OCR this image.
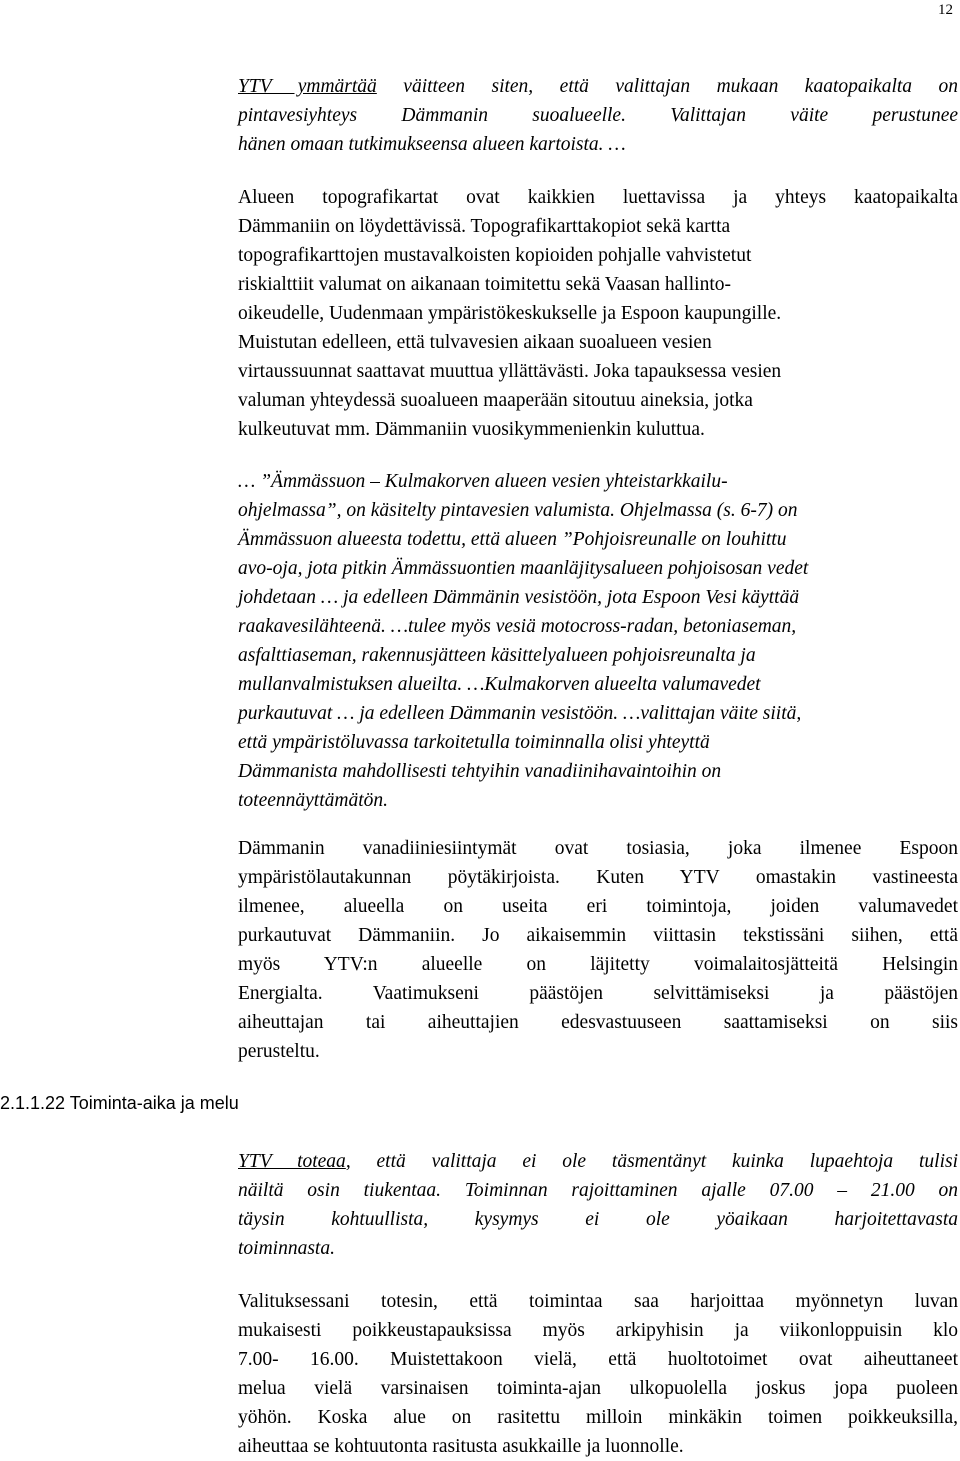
12

YTV ymmärtää väitteen siten, että valittajan mukaan kaatopaikalta on
pintavesiyhteys Dämmanin suoalueelle. Valittajan väite perustunee
hänen omaan tutkimukseensa alueen kartoista. …

Alueen topografikartat ovat kaikkien luettavissa ja yhteys kaatopaikalta
Dämmaniin on löydettävissä. Topografikarttakopiot sekä kartta
topografikarttojen mustavalkoisten kopioiden pohjalle vahvistetut
riskialttiit valumat on aikanaan toimitettu sekä Vaasan hallinto-
oikeudelle, Uudenmaan ympäristökeskukselle ja Espoon kaupungille.
Muistutan edelleen, että tulvavesien aikaan suoalueen vesien
virtaussuunnat saattavat muuttua yllättävästi. Joka tapauksessa vesien
valuman yhteydessä suoalueen maaperään sitoutuu aineksia, jotka
kulkeutuvat mm. Dämmaniin vuosikymmenienkin kuluttua.

… ”Ämmässuon – Kulmakorven alueen vesien yhteistarkkailu-
ohjelmassa”, on käsitelty pintavesien valumista. Ohjelmassa (s. 6-7) on
Ämmässuon alueesta todettu, että alueen ”Pohjoisreunalle on louhittu
avo-oja, jota pitkin Ämmässuontien maanläjitysalueen pohjoisosan vedet
johdetaan … ja edelleen Dämmänin vesistöön, jota Espoon Vesi käyttää
raakavesilähteenä. …tulee myös vesiä motocross-radan, betoniaseman,
asfalttiaseman, rakennusjätteen käsittelyalueen pohjoisreunalta ja
mullanvalmistuksen alueilta. …Kulmakorven alueelta valumavedet
purkautuvat … ja edelleen Dämmanin vesistöön. …valittajan väite siitä,
että ympäristöluvassa tarkoitetulla toiminnalla olisi yhteyttä
Dämmanista mahdollisesti tehtyihin vanadiinihavaintoihin on
toteennäyttämätön.

Dämmanin vanadiiniesiintymät ovat tosiasia, joka ilmenee Espoon
ympäristölautakunnan pöytäkirjoista. Kuten YTV omastakin vastineesta
ilmenee, alueella on useita eri toimintoja, joiden valumavedet
purkautuvat Dämmaniin. Jo aikaisemmin viittasin tekstissäni siihen, että
myös YTV:n alueelle on läjitetty voimalaitosjätteitä Helsingin
Energialta. Vaatimukseni päästöjen selvittämiseksi ja päästöjen
aiheuttajan tai aiheuttajien edesvastuuseen saattamiseksi on siis
perusteltu.

2.1.1.22 Toiminta-aika ja melu

YTV toteaa, että valittaja ei ole täsmentänyt kuinka lupaehtoja tulisi
näiltä osin tiukentaa. Toiminnan rajoittaminen ajalle 07.00 – 21.00 on
täysin kohtuullista, kysymys ei ole yöaikaan harjoitettavasta
toiminnasta.

Valituksessani totesin, että toimintaa saa harjoittaa myönnetyn luvan
mukaisesti poikkeustapauksissa myös arkipyhisin ja viikonloppuisin klo
7.00- 16.00. Muistettakoon vielä, että huoltotoimet ovat aiheuttaneet
melua vielä varsinaisen toiminta-ajan ulkopuolella joskus jopa puoleen
yöhön. Koska alue on rasitettu milloin minkäkin toimen poikkeuksilla,
aiheuttaa se kohtuutonta rasitusta asukkaille ja luonnolle.
